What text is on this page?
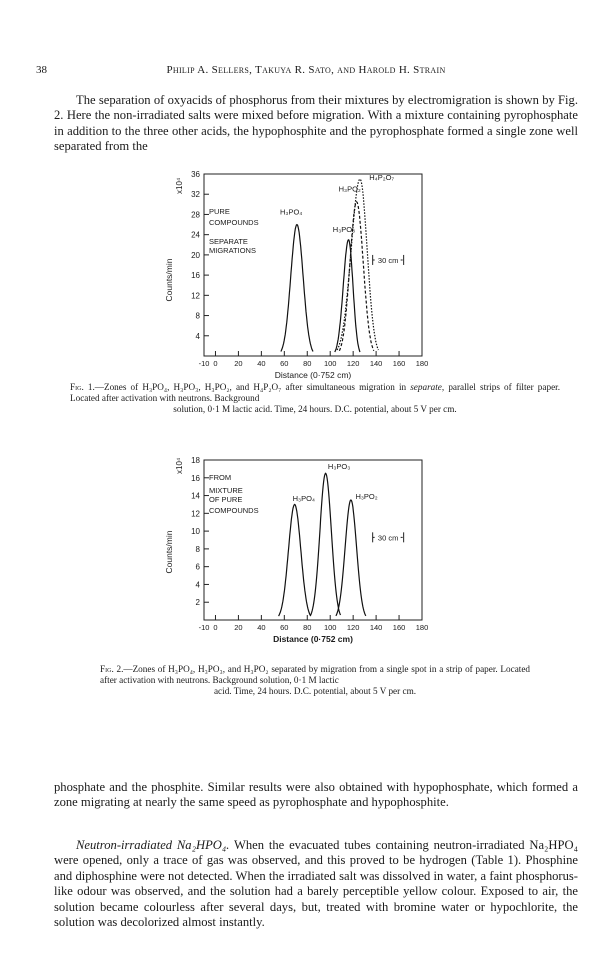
38	Philip A. Sellers, Takuya R. Sato, and Harold H. Strain

The separation of oxyacids of phosphorus from their mixtures by electromigration is shown by Fig. 2. Here the non-irradiated salts were mixed before migration. With a mixture containing pyrophosphate in addition to the three other acids, the hypophosphite and the pyrophosphate formed a single zone well separated from the

x10⁴
Counts/min
4
8
12
16
20
24
28
32
36
-10 0 20 40 60 80 100 120 140 160 180
PURE
COMPOUNDS
SEPARATE
MIGRATIONS
H₃PO₄
H₃PO₃
H₃PO₂
H₄P₂O₇
30 cm
Distance (0·752 cm)

Fig. 1.—Zones of H₃PO₄, H₃PO₃, H₃PO₂, and H₄P₂O₇ after simultaneous migration in separate, parallel strips of filter paper. Located after activation with neutrons. Background
solution, 0·1 M lactic acid. Time, 24 hours. D.C. potential, about 5 V per cm.

x10⁴
Counts/min
2
4
6
8
10
12
14
16
18
-10 0 20 40 60 80 100 120 140 160 180
FROM
MIXTURE
OF PURE
COMPOUNDS
H₃PO₄
H₃PO₃
H₃PO₂
30 cm
Distance (0·752 cm)

Fig. 2.—Zones of H₃PO₄, H₃PO₃, and H₃PO₂ separated by migration from a single spot in a strip of paper. Located after activation with neutrons. Background solution, 0·1 M lactic
acid. Time, 24 hours. D.C. potential, about 5 V per cm.

phosphate and the phosphite. Similar results were also obtained with hypophosphate, which formed a zone migrating at nearly the same speed as pyrophosphate and hypophosphite.

Neutron-irradiated Na₂HPO₄. When the evacuated tubes containing neutron-irradiated Na₂HPO₄ were opened, only a trace of gas was observed, and this proved to be hydrogen (Table 1). Phosphine and diphosphine were not detected. When the irradiated salt was dissolved in water, a faint phosphorus-like odour was observed, and the solution had a barely perceptible yellow colour. Exposed to air, the solution became colourless after several days, but, treated with bromine water or hypochlorite, the solution was decolorized almost instantly.
